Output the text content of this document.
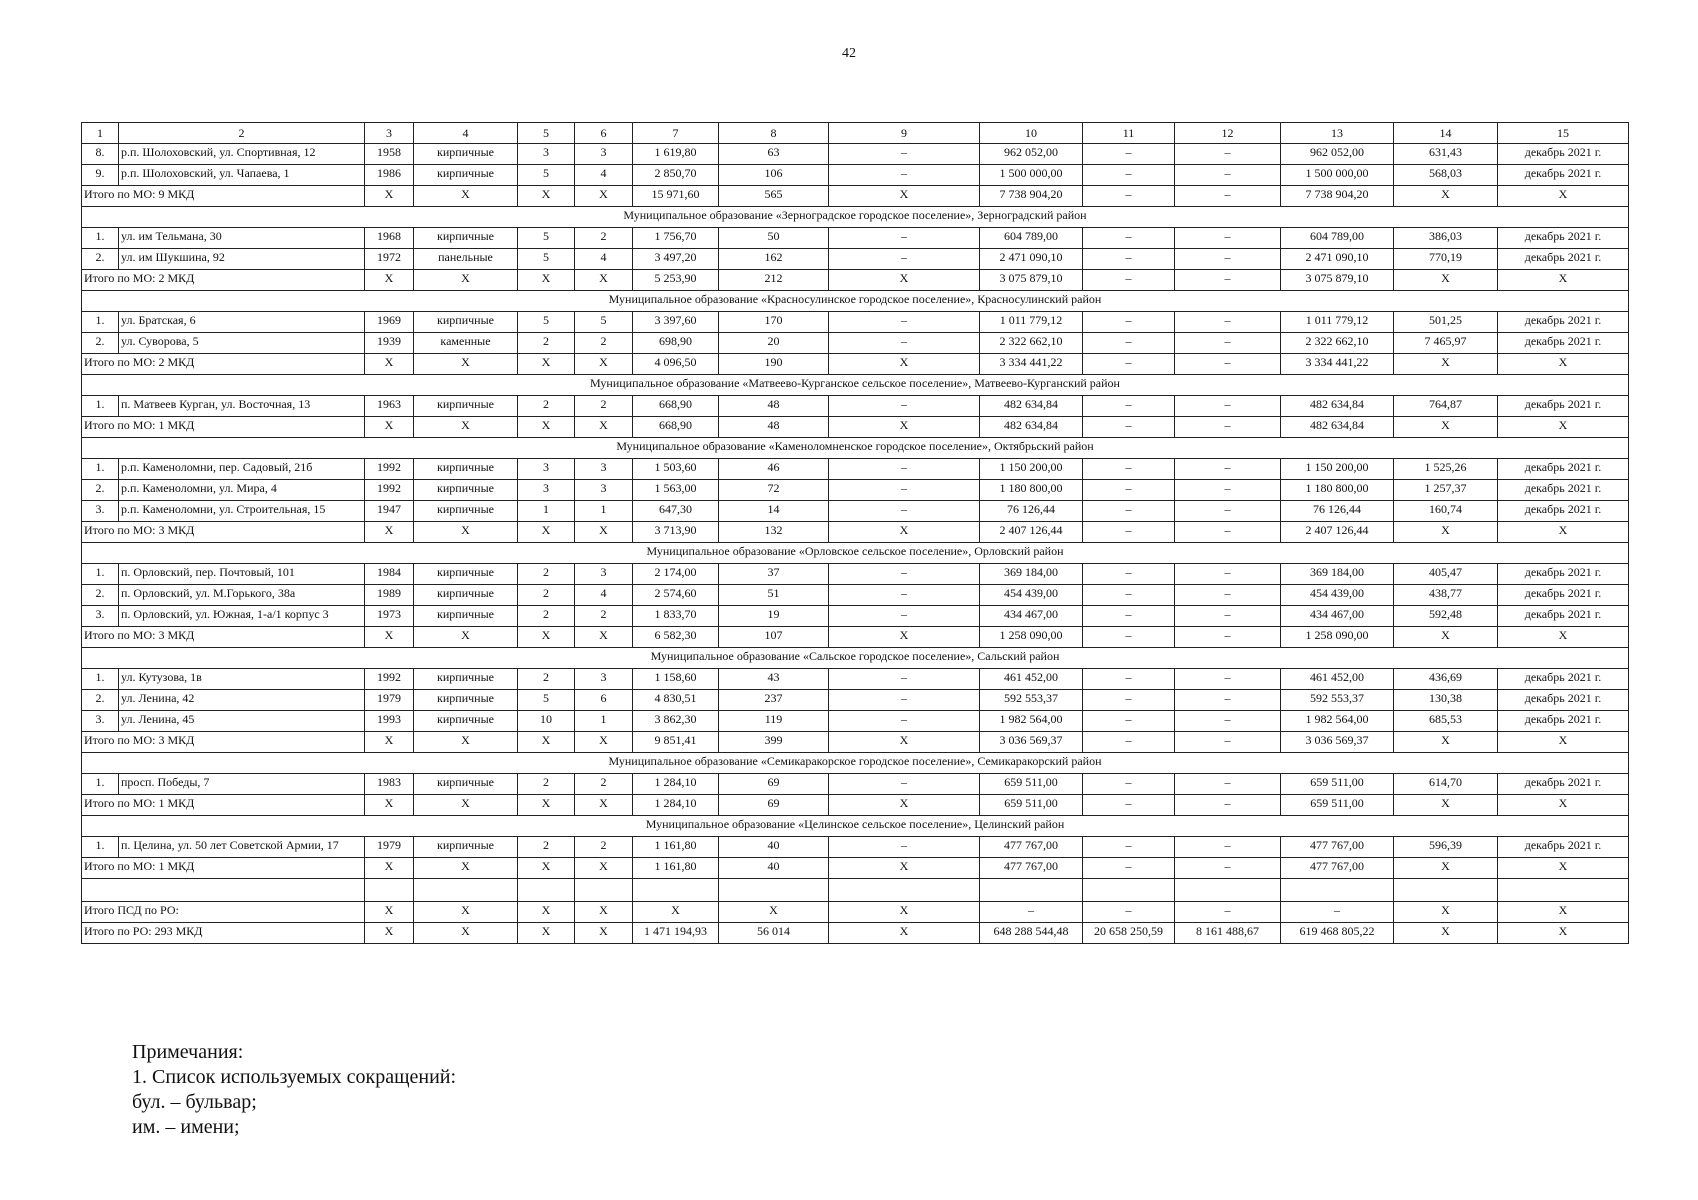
42
1	2	3	4	5	6	7	8	9	10	11	12	13	14	15
8.	р.п. Шолоховский, ул. Спортивная, 12	1958	кирпичные	3	3	1 619,80	63	–	962 052,00	–	–	962 052,00	631,43	декабрь 2021 г.
9.	р.п. Шолоховский, ул. Чапаева, 1	1986	кирпичные	5	4	2 850,70	106	–	1 500 000,00	–	–	1 500 000,00	568,03	декабрь 2021 г.
Итого по МО: 9 МКД		X	X	X	X	15 971,60	565	X	7 738 904,20	–	–	7 738 904,20	X	X
Муниципальное образование «Зерноградское городское поселение», Зерноградский район														
1.	ул. им Тельмана, 30	1968	кирпичные	5	2	1 756,70	50	–	604 789,00	–	–	604 789,00	386,03	декабрь 2021 г.
2.	ул. им Шукшина, 92	1972	панельные	5	4	3 497,20	162	–	2 471 090,10	–	–	2 471 090,10	770,19	декабрь 2021 г.
Итого по МО: 2 МКД		X	X	X	X	5 253,90	212	X	3 075 879,10	–	–	3 075 879,10	X	X
Муниципальное образование «Красносулинское городское поселение», Красносулинский район														
1.	ул. Братская, 6	1969	кирпичные	5	5	3 397,60	170	–	1 011 779,12	–	–	1 011 779,12	501,25	декабрь 2021 г.
2.	ул. Суворова, 5	1939	каменные	2	2	698,90	20	–	2 322 662,10	–	–	2 322 662,10	7 465,97	декабрь 2021 г.
Итого по МО: 2 МКД		X	X	X	X	4 096,50	190	X	3 334 441,22	–	–	3 334 441,22	X	X
Муниципальное образование «Матвеево-Курганское сельское поселение», Матвеево-Курганский район														
1.	п. Матвеев Курган, ул. Восточная, 13	1963	кирпичные	2	2	668,90	48	–	482 634,84	–	–	482 634,84	764,87	декабрь 2021 г.
Итого по МО: 1 МКД		X	X	X	X	668,90	48	X	482 634,84	–	–	482 634,84	X	X
Муниципальное образование «Каменоломненское городское поселение», Октябрьский район														
1.	р.п. Каменоломни, пер. Садовый, 21б	1992	кирпичные	3	3	1 503,60	46	–	1 150 200,00	–	–	1 150 200,00	1 525,26	декабрь 2021 г.
2.	р.п. Каменоломни, ул. Мира, 4	1992	кирпичные	3	3	1 563,00	72	–	1 180 800,00	–	–	1 180 800,00	1 257,37	декабрь 2021 г.
3.	р.п. Каменоломни, ул. Строительная, 15	1947	кирпичные	1	1	647,30	14	–	76 126,44	–	–	76 126,44	160,74	декабрь 2021 г.
Итого по МО: 3 МКД		X	X	X	X	3 713,90	132	X	2 407 126,44	–	–	2 407 126,44	X	X
Муниципальное образование «Орловское сельское поселение», Орловский район														
1.	п. Орловский, пер. Почтовый, 101	1984	кирпичные	2	3	2 174,00	37	–	369 184,00	–	–	369 184,00	405,47	декабрь 2021 г.
2.	п. Орловский, ул. М.Горького, 38а	1989	кирпичные	2	4	2 574,60	51	–	454 439,00	–	–	454 439,00	438,77	декабрь 2021 г.
3.	п. Орловский, ул. Южная, 1-а/1 корпус 3	1973	кирпичные	2	2	1 833,70	19	–	434 467,00	–	–	434 467,00	592,48	декабрь 2021 г.
Итого по МО: 3 МКД		X	X	X	X	6 582,30	107	X	1 258 090,00	–	–	1 258 090,00	X	X
Муниципальное образование «Сальское городское поселение», Сальский район														
1.	ул. Кутузова, 1в	1992	кирпичные	2	3	1 158,60	43	–	461 452,00	–	–	461 452,00	436,69	декабрь 2021 г.
2.	ул. Ленина, 42	1979	кирпичные	5	6	4 830,51	237	–	592 553,37	–	–	592 553,37	130,38	декабрь 2021 г.
3.	ул. Ленина, 45	1993	кирпичные	10	1	3 862,30	119	–	1 982 564,00	–	–	1 982 564,00	685,53	декабрь 2021 г.
Итого по МО: 3 МКД		X	X	X	X	9 851,41	399	X	3 036 569,37	–	–	3 036 569,37	X	X
Муниципальное образование «Семикаракорское городское поселение», Семикаракорский район														
1.	просп. Победы, 7	1983	кирпичные	2	2	1 284,10	69	–	659 511,00	–	–	659 511,00	614,70	декабрь 2021 г.
Итого по МО: 1 МКД		X	X	X	X	1 284,10	69	X	659 511,00	–	–	659 511,00	X	X
Муниципальное образование «Целинское сельское поселение», Целинский район														
1.	п. Целина, ул. 50 лет Советской Армии, 17	1979	кирпичные	2	2	1 161,80	40	–	477 767,00	–	–	477 767,00	596,39	декабрь 2021 г.
Итого по МО: 1 МКД		X	X	X	X	1 161,80	40	X	477 767,00	–	–	477 767,00	X	X

Итого ПСД по РО:		X	X	X	X	X	X	X	–	–	–	–	X	X
Итого по РО: 293 МКД		X	X	X	X	1 471 194,93	56 014	X	648 288 544,48	20 658 250,59	8 161 488,67	619 468 805,22	X	X
Примечания:
1. Список используемых сокращений:
бул. – бульвар;
им. – имени;
